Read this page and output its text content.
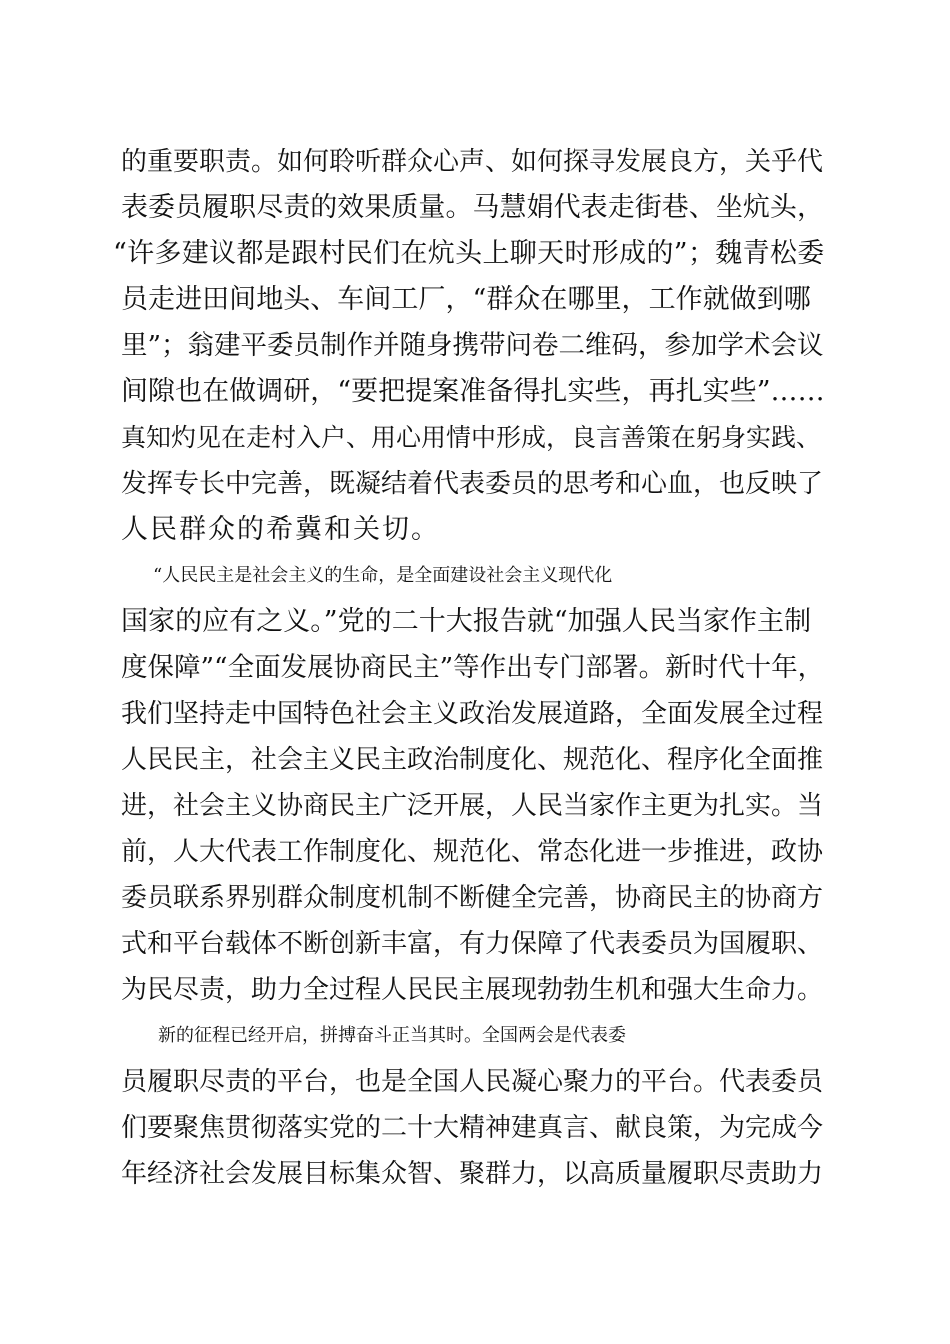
的重要职责。如何聆听群众心声、如何探寻发展良方，关乎代
表委员履职尽责的效果质量。马慧娟代表走街巷、坐炕头，
“许多建议都是跟村民们在炕头上聊天时形成的”；魏青松委
员走进田间地头、车间工厂，“群众在哪里，工作就做到哪
里”；翁建平委员制作并随身携带问卷二维码，参加学术会议
间隙也在做调研，“要把提案准备得扎实些，再扎实些”……
真知灼见在走村入户、用心用情中形成，良言善策在躬身实践、
发挥专长中完善，既凝结着代表委员的思考和心血，也反映了
人民群众的希冀和关切。
“人民民主是社会主义的生命，是全面建设社会主义现代化
国家的应有之义。”党的二十大报告就“加强人民当家作主制
度保障”“全面发展协商民主”等作出专门部署。新时代十年，
我们坚持走中国特色社会主义政治发展道路，全面发展全过程
人民民主，社会主义民主政治制度化、规范化、程序化全面推
进，社会主义协商民主广泛开展，人民当家作主更为扎实。当
前，人大代表工作制度化、规范化、常态化进一步推进，政协
委员联系界别群众制度机制不断健全完善，协商民主的协商方
式和平台载体不断创新丰富，有力保障了代表委员为国履职、
为民尽责，助力全过程人民民主展现勃勃生机和强大生命力。
新的征程已经开启，拼搏奋斗正当其时。全国两会是代表委
员履职尽责的平台，也是全国人民凝心聚力的平台。代表委员
们要聚焦贯彻落实党的二十大精神建真言、献良策，为完成今
年经济社会发展目标集众智、聚群力，以高质量履职尽责助力
